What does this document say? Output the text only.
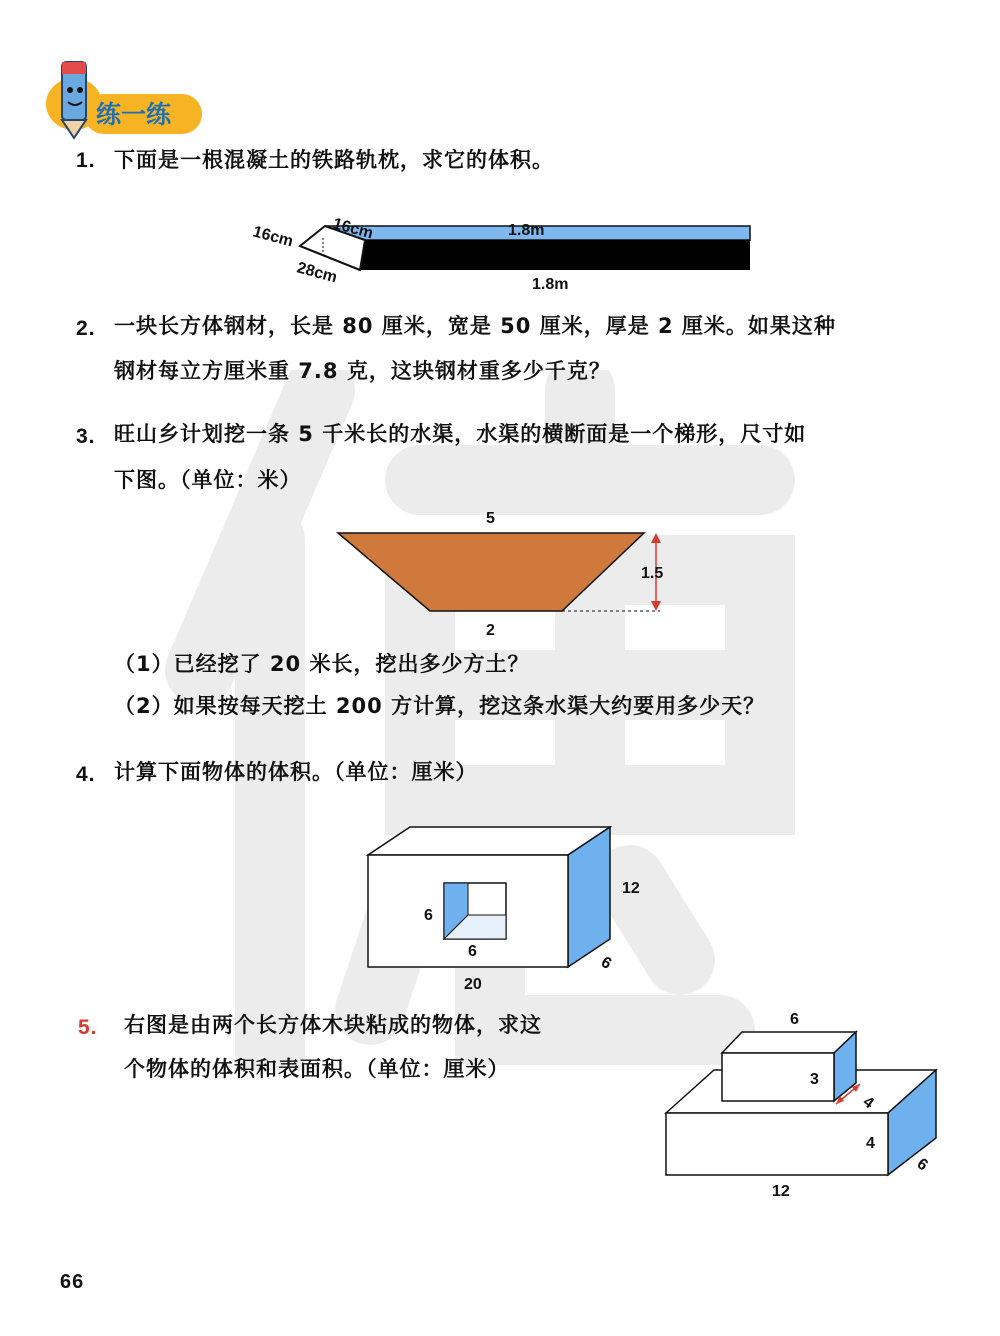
练一练
1. 下面是一根混凝土的铁路轨枕，求它的体积。
16cm 16cm
28cm
1.8m
1.8m
2. 一块长方体钢材，长是 80 厘米，宽是 50 厘米，厚是 2 厘米。如果这种
钢材每立方厘米重 7.8 克，这块钢材重多少千克？
3. 旺山乡计划挖一条 5 千米长的水渠，水渠的横断面是一个梯形，尺寸如
下图。（单位：米）
5
1.5
2
（1）已经挖了 20 米长，挖出多少方土？
（2）如果按每天挖土 200 方计算，挖这条水渠大约要用多少天？
4. 计算下面物体的体积。（单位：厘米）
12
6
20
6
6
5. 右图是由两个长方体木块粘成的物体，求这
个物体的体积和表面积。（单位：厘米）
6
3
4
4
6
12
66
